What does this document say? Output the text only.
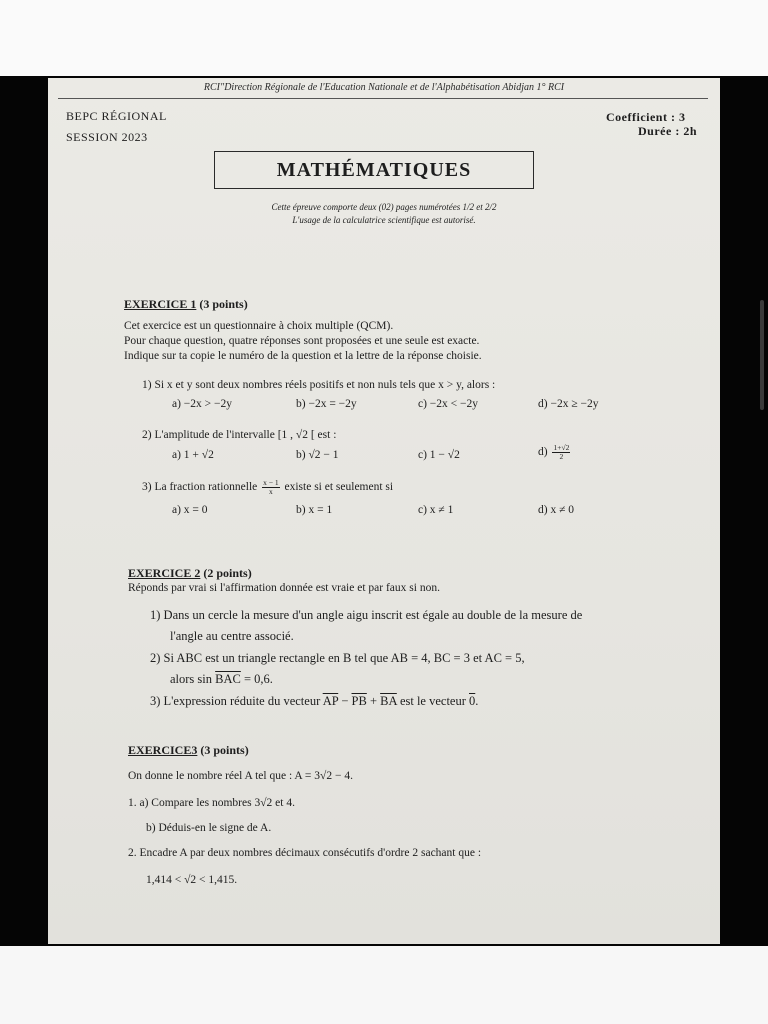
RCI"Direction Régionale de l'Education Nationale et de l'Alphabétisation Abidjan 1° RCI
BEPC RÉGIONAL
SESSION 2023
Coefficient : 3
Durée : 2h
MATHÉMATIQUES
Cette épreuve comporte deux (02) pages numérotées 1/2 et 2/2
L'usage de la calculatrice scientifique est autorisé.
EXERCICE 1 (3 points)
Cet exercice est un questionnaire à choix multiple (QCM).
Pour chaque question, quatre réponses sont proposées et une seule est exacte.
Indique sur ta copie le numéro de la question et la lettre de la réponse choisie.
1) Si x et y sont deux nombres réels positifs et non nuls tels que x > y, alors :
a) −2x > −2y	b) −2x = −2y	c) −2x < −2y	d) −2x ≥ −2y
2) L'amplitude de l'intervalle [1 , √2 [ est :
a) 1 + √2	b) √2 − 1	c) 1 − √2	$d) \frac{1+√2}{2}$
3) La fraction rationnelle $\frac{x - 1}{x}$ existe si et seulement si
a) x = 0	b) x = 1	c) x ≠ 1	d) x ≠ 0
EXERCICE 2 (2 points)
Réponds par vrai si l'affirmation donnée est vraie et par faux si non.
1) Dans un cercle la mesure d'un angle aigu inscrit est égale au double de la mesure de
l'angle au centre associé.
2) Si ABC est un triangle rectangle en B tel que AB = 4, BC = 3 et AC = 5,
alors $\sin \overline{BAC} = 0,6$.
3) L'expression réduite du vecteur $\overline{AP} - \overline{PB} + \overline{BA}$ est le vecteur 0.
EXERCICE3 (3 points)
On donne le nombre réel A tel que : A = 3√2 − 4.
1. a) Compare les nombres 3√2 et 4.
b) Déduis-en le signe de A.
2. Encadre A par deux nombres décimaux consécutifs d'ordre 2 sachant que :
1,414 < √2 < 1,415.
